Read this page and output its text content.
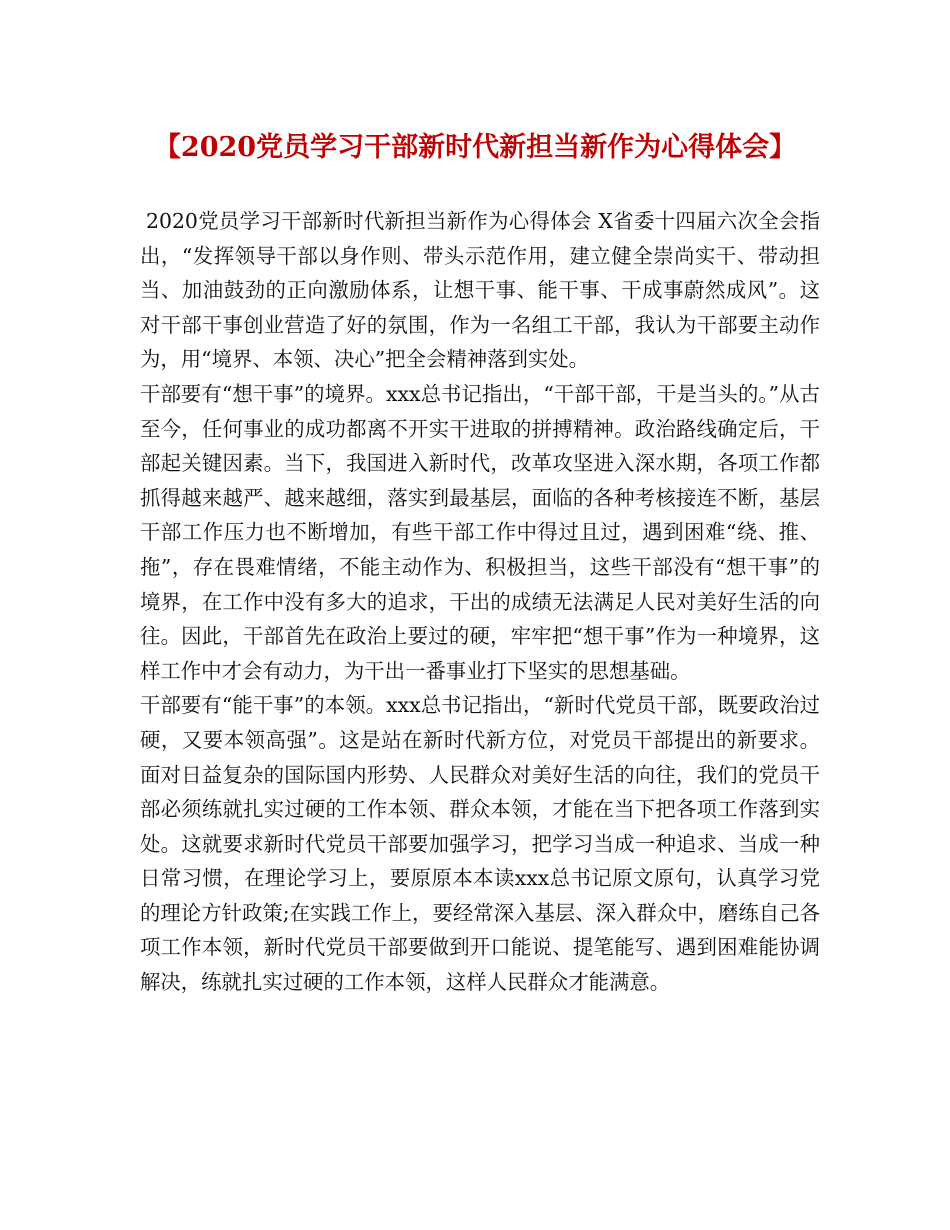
【2020党员学习干部新时代新担当新作为心得体会】

2020党员学习干部新时代新担当新作为心得体会 X省委十四届六次全会指出，“发挥领导干部以身作则、带头示范作用，建立健全崇尚实干、带动担当、加油鼓劲的正向激励体系，让想干事、能干事、干成事蔚然成风”。这对干部干事创业营造了好的氛围，作为一名组工干部，我认为干部要主动作为，用“境界、本领、决心”把全会精神落到实处。

干部要有“想干事”的境界。xxx总书记指出，“干部干部，干是当头的。”从古至今，任何事业的成功都离不开实干进取的拼搏精神。政治路线确定后，干部起关键因素。当下，我国进入新时代，改革攻坚进入深水期，各项工作都抓得越来越严、越来越细，落实到最基层，面临的各种考核接连不断，基层干部工作压力也不断增加，有些干部工作中得过且过，遇到困难“绕、推、拖”，存在畏难情绪，不能主动作为、积极担当，这些干部没有“想干事”的境界，在工作中没有多大的追求，干出的成绩无法满足人民对美好生活的向往。因此，干部首先在政治上要过的硬，牢牢把“想干事”作为一种境界，这样工作中才会有动力，为干出一番事业打下坚实的思想基础。

干部要有“能干事”的本领。xxx总书记指出，“新时代党员干部，既要政治过硬，又要本领高强”。这是站在新时代新方位，对党员干部提出的新要求。面对日益复杂的国际国内形势、人民群众对美好生活的向往，我们的党员干部必须练就扎实过硬的工作本领、群众本领，才能在当下把各项工作落到实处。这就要求新时代党员干部要加强学习，把学习当成一种追求、当成一种日常习惯，在理论学习上，要原原本本读xxx总书记原文原句，认真学习党的理论方针政策;在实践工作上，要经常深入基层、深入群众中，磨练自己各项工作本领，新时代党员干部要做到开口能说、提笔能写、遇到困难能协调解决，练就扎实过硬的工作本领，这样人民群众才能满意。
